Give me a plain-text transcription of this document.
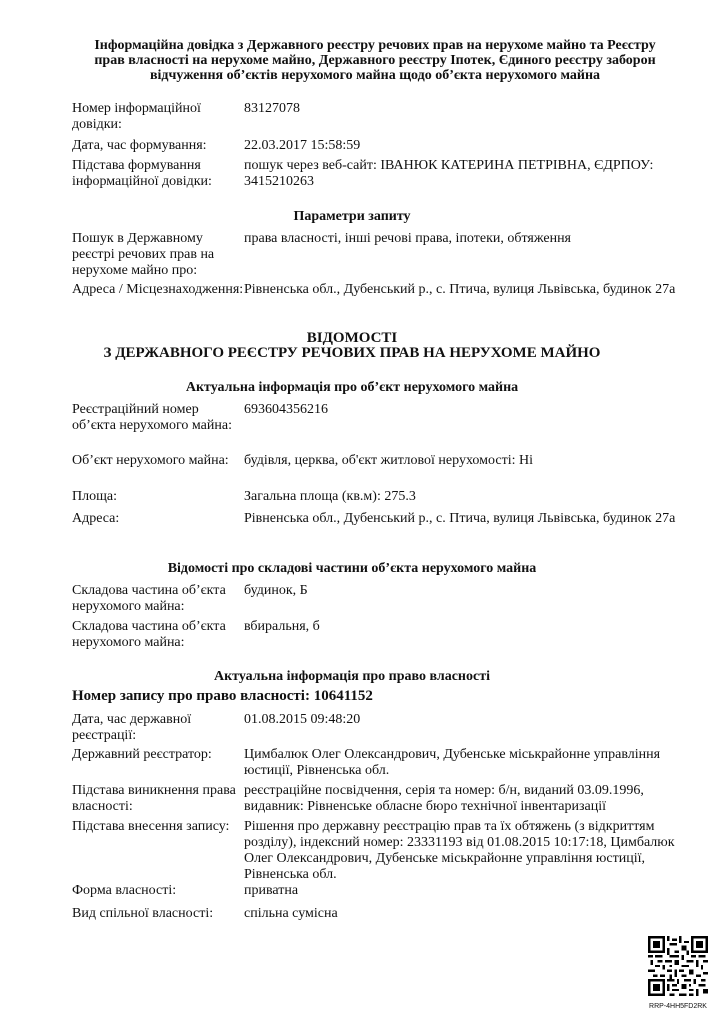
Інформаційна довідка з Державного реєстру речових прав на нерухоме майно та Реєстру
прав власності на нерухоме майно, Державного реєстру Іпотек, Єдиного реєстру заборон
відчуження об’єктів нерухомого майна щодо об’єкта нерухомого майна
Номер інформаційної довідки:
83127078
Дата, час формування:	22.03.2017 15:58:59
Підстава формування інформаційної довідки:
пошук через веб-сайт: ІВАНЮК КАТЕРИНА ПЕТРІВНА, ЄДРПОУ: 3415210263
Параметри запиту
Пошук в Державному реєстрі речових прав на нерухоме майно про:
права власності, інші речові права, іпотеки, обтяження
Адреса / Місцезнаходження: Рівненська обл., Дубенський р., с. Птича, вулиця Львівська, будинок 27а
ВІДОМОСТІ
З ДЕРЖАВНОГО РЕЄСТРУ РЕЧОВИХ ПРАВ НА НЕРУХОМЕ МАЙНО
Актуальна інформація про об’єкт нерухомого майна
Реєстраційний номер об’єкта нерухомого майна:
693604356216
Об’єкт нерухомого майна:	будівля, церква, об'єкт житлової нерухомості: Ні
Площа:	Загальна площа (кв.м): 275.3
Адреса:	Рівненська обл., Дубенський р., с. Птича, вулиця Львівська, будинок 27а
Відомості про складові частини об’єкта нерухомого майна
Складова частина об’єкта нерухомого майна:
будинок, Б
Складова частина об’єкта нерухомого майна:
вбиральня, б
Актуальна інформація про право власності
Номер запису про право власності: 10641152
Дата, час державної реєстрації:
01.08.2015 09:48:20
Державний реєстратор:	Цимбалюк Олег Олександрович, Дубенське міськрайонне управління юстиції, Рівненська обл.
Підстава виникнення права власності:
реєстраційне посвідчення, серія та номер: б/н, виданий 03.09.1996, видавник: Рівненське обласне бюро технічної інвентаризації
Підстава внесення запису:	Рішення про державну реєстрацію прав та їх обтяжень (з відкриттям розділу), індексний номер: 23331193 від 01.08.2015 10:17:18, Цимбалюк Олег Олександрович, Дубенське міськрайонне управління юстиції, Рівненська обл.
Форма власності:	приватна
Вид спільної власності:	спільна сумісна
RRP-4HH5FD2RK
